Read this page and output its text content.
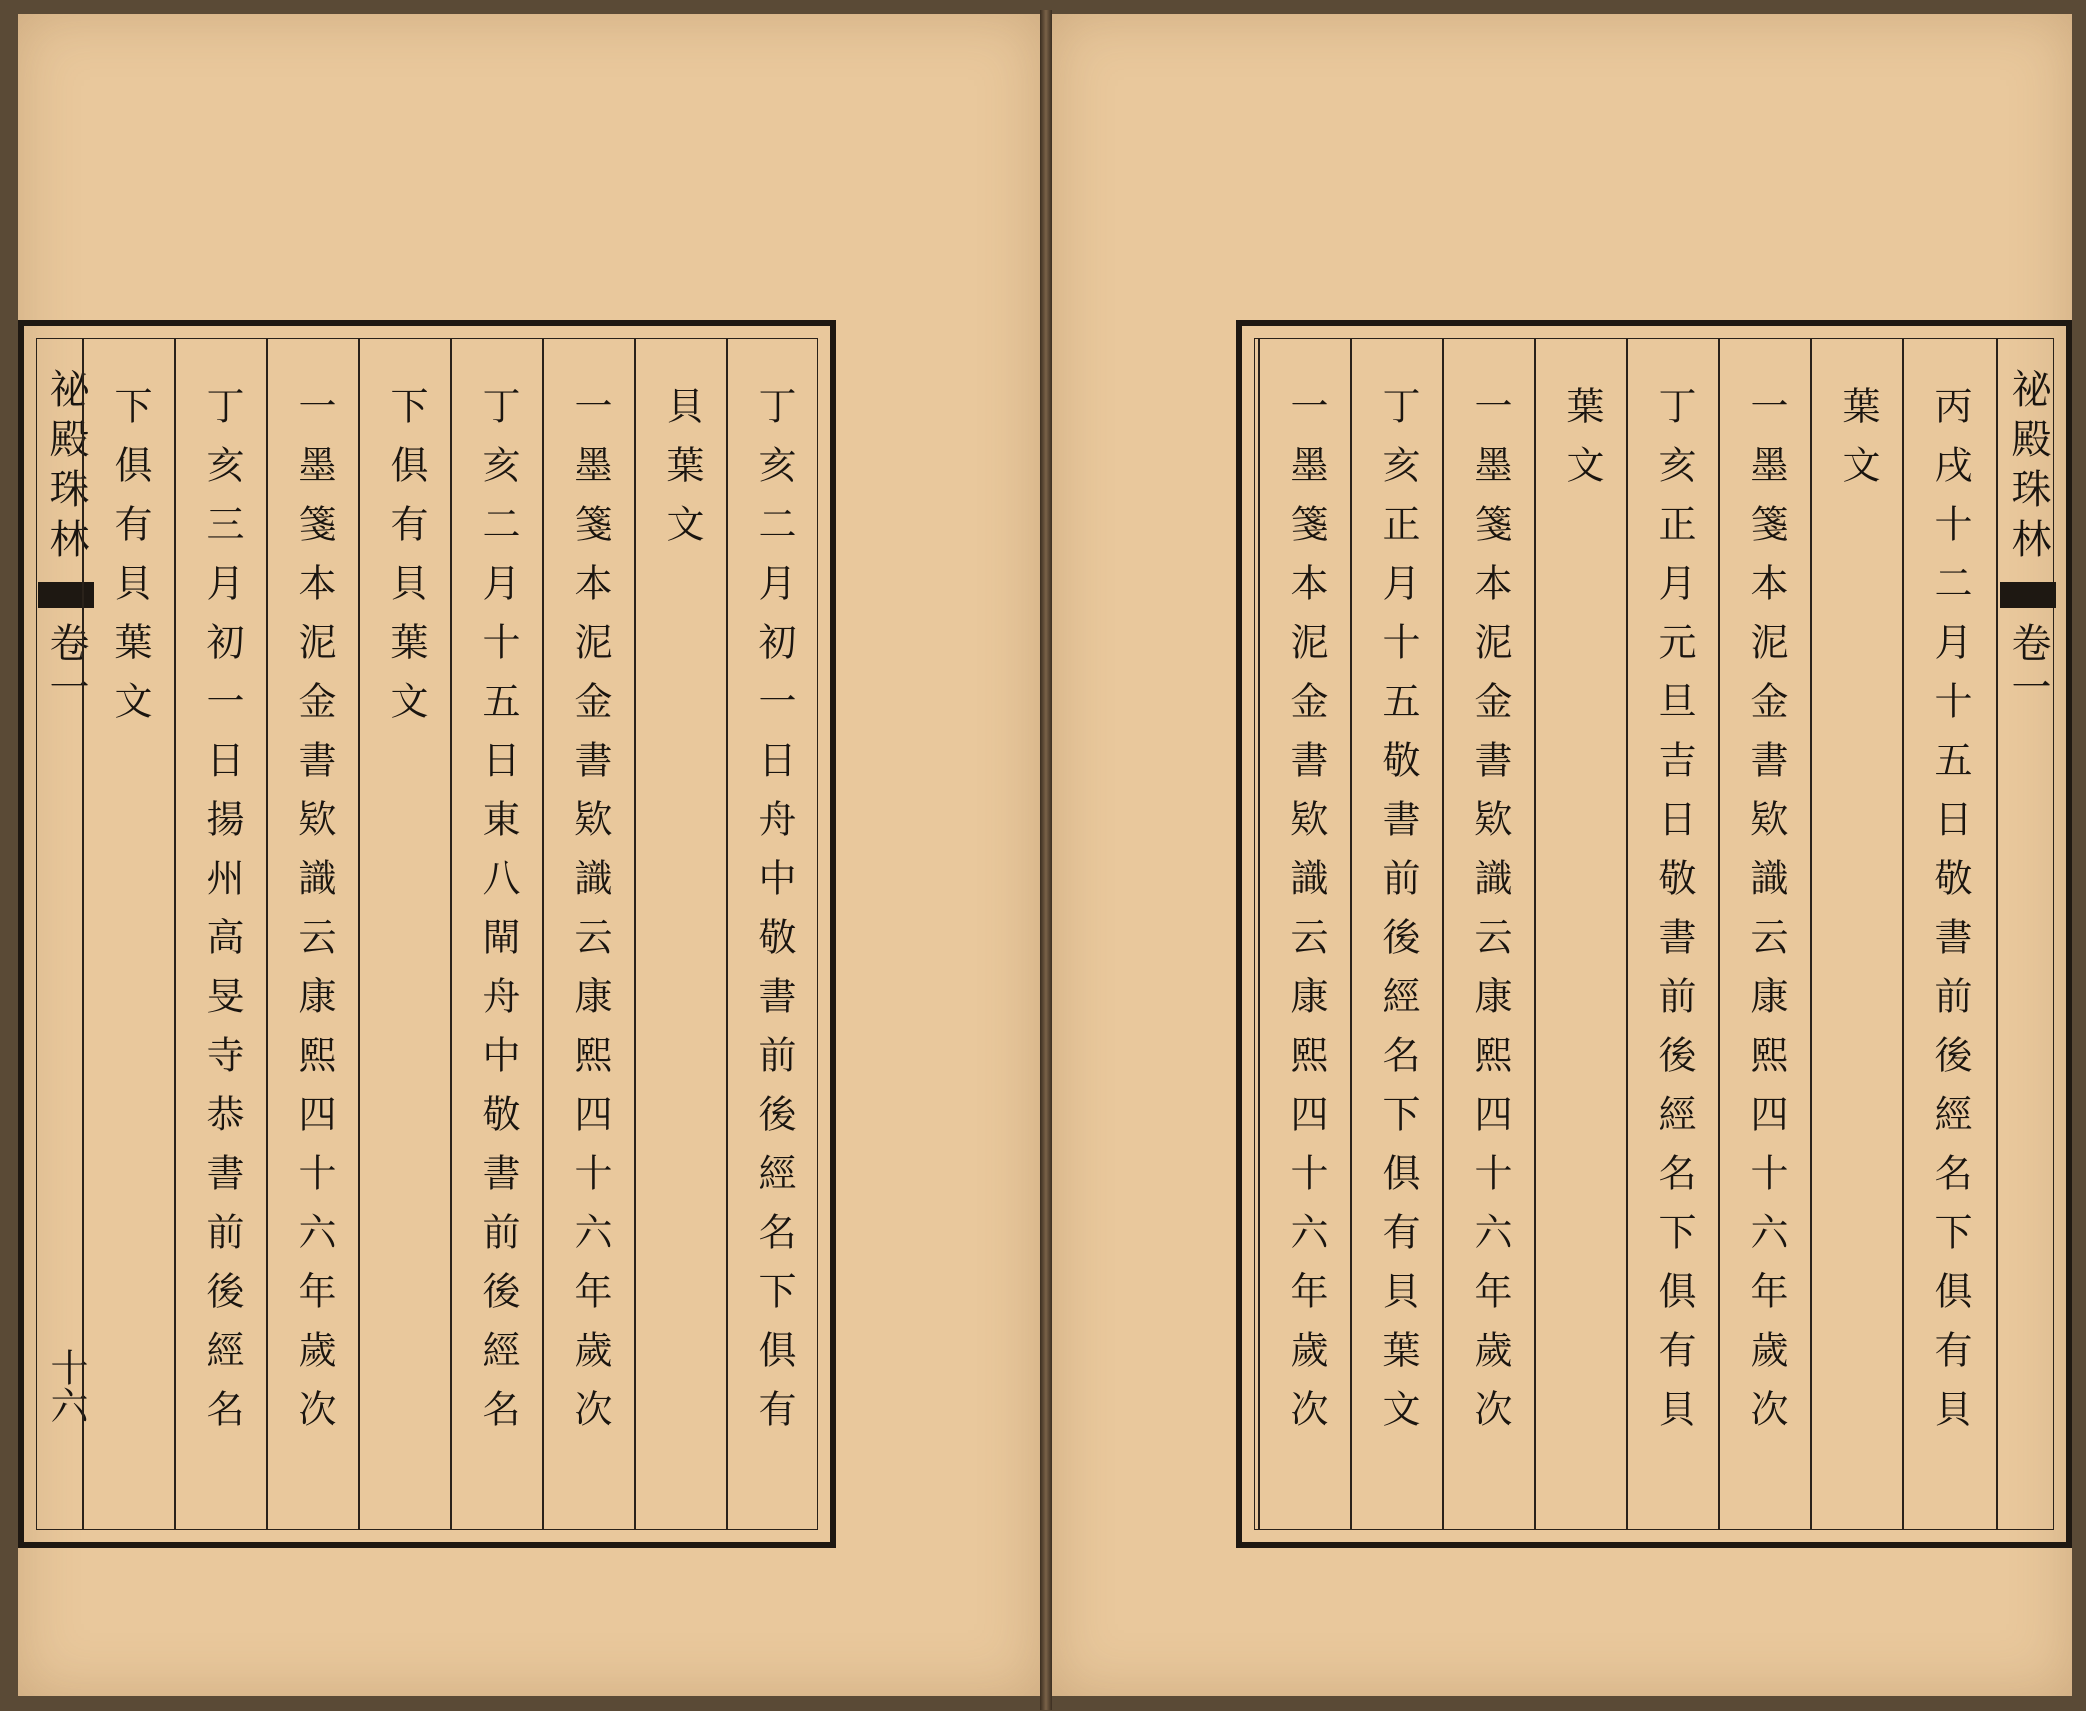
祕殿珠林
卷一
十六	丁亥二月初一日舟中敬書前後經名下俱有
貝葉文
一墨箋本泥金書欵識云康熙四十六年歲次
丁亥二月十五日東八閘舟中敬書前後經名
下俱有貝葉文
一墨箋本泥金書欵識云康熙四十六年歲次
丁亥三月初一日揚州高旻寺恭書前後經名
下俱有貝葉文	丙戌十二月十五日敬書前後經名下俱有貝
葉文
一墨箋本泥金書欵識云康熙四十六年歲次
丁亥正月元旦吉日敬書前後經名下俱有貝
葉文
一墨箋本泥金書欵識云康熙四十六年歲次
丁亥正月十五敬書前後經名下俱有貝葉文
一墨箋本泥金書欵識云康熙四十六年歲次	祕殿珠林
卷一
